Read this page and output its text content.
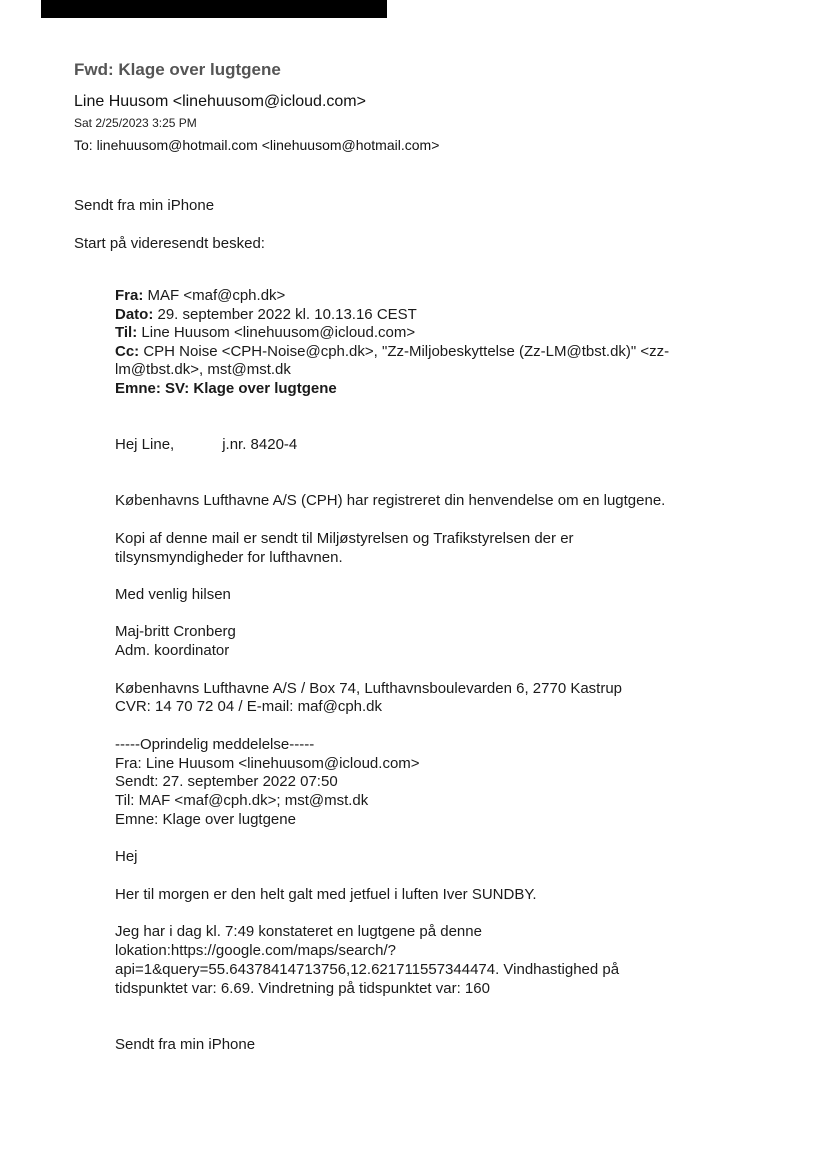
Fwd: Klage over lugtgene
Line Huusom <linehuusom@icloud.com>
Sat 2/25/2023 3:25 PM
To: linehuusom@hotmail.com <linehuusom@hotmail.com>
Sendt fra min iPhone
Start på videresendt besked:
Fra: MAF <maf@cph.dk>
Dato: 29. september 2022 kl. 10.13.16 CEST
Til: Line Huusom <linehuusom@icloud.com>
Cc: CPH Noise <CPH-Noise@cph.dk>, "Zz-Miljobeskyttelse (Zz-LM@tbst.dk)" <zz-lm@tbst.dk>, mst@mst.dk
Emne: SV: Klage over lugtgene
Hej Line,	j.nr. 8420-4
Københavns Lufthavne A/S (CPH) har registreret din henvendelse om en lugtgene.
Kopi af denne mail er sendt til Miljøstyrelsen og Trafikstyrelsen der er tilsynsmyndigheder for lufthavnen.
Med venlig hilsen
Maj-britt Cronberg
Adm. koordinator
Københavns Lufthavne A/S / Box 74, Lufthavnsboulevarden 6, 2770 Kastrup
CVR: 14 70 72 04 / E-mail: maf@cph.dk
-----Oprindelig meddelelse-----
Fra: Line Huusom <linehuusom@icloud.com>
Sendt: 27. september 2022 07:50
Til: MAF <maf@cph.dk>; mst@mst.dk
Emne: Klage over lugtgene
Hej
Her til morgen er den helt galt med jetfuel i luften Iver SUNDBY.
Jeg har i dag kl. 7:49 konstateret en lugtgene på denne
lokation:https://google.com/maps/search/?
api=1&query=55.64378414713756,12.621711557344474. Vindhastighed på
tidspunktet var: 6.69. Vindretning på tidspunktet var: 160
Sendt fra min iPhone
